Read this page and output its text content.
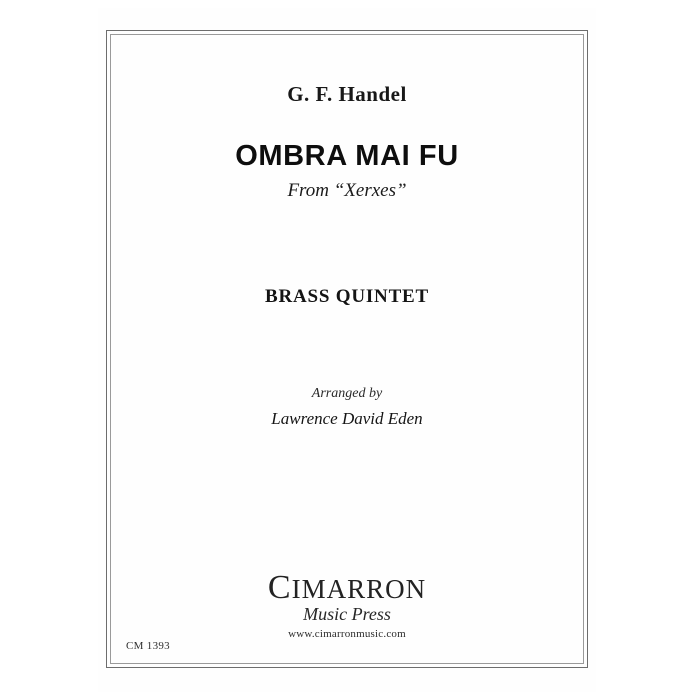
G. F. Handel
OMBRA MAI FU
From “Xerxes”
BRASS QUINTET
Arranged by
Lawrence David Eden
CIMARRON
Music Press
www.cimarronmusic.com
CM 1393
